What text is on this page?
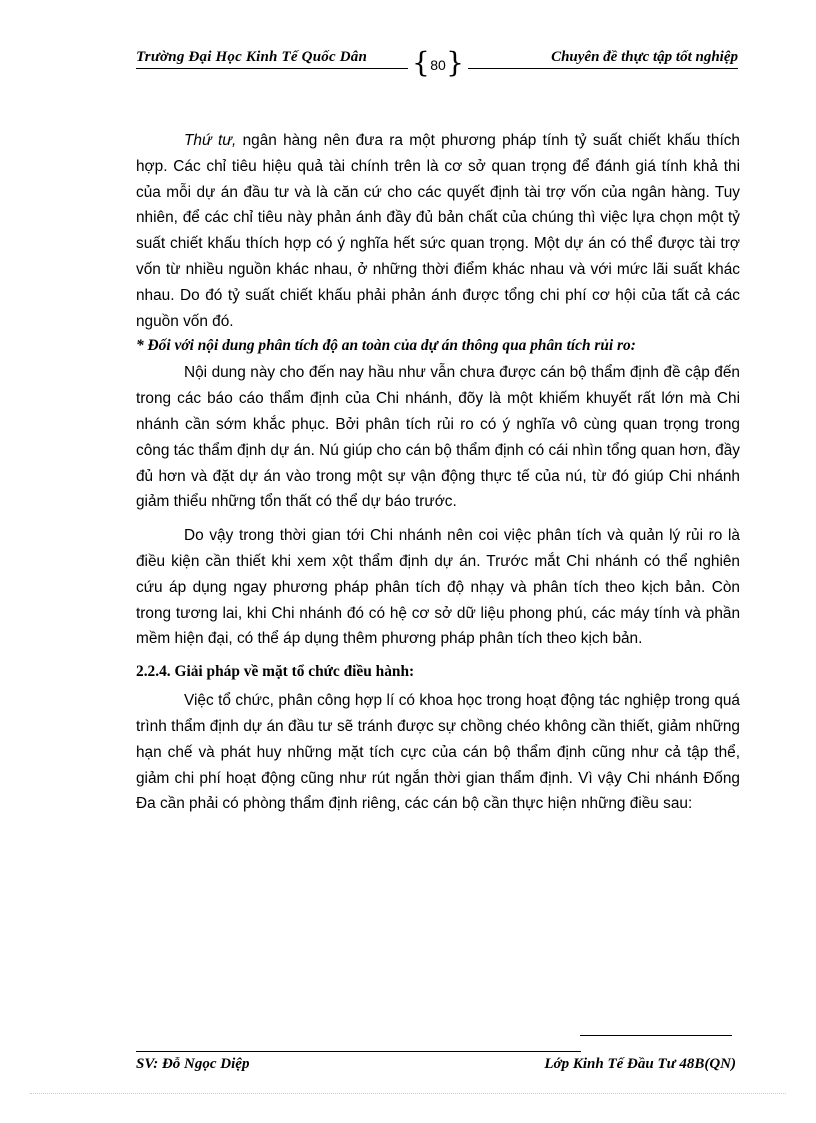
Trường Đại Học Kinh Tế Quốc Dân { 80 }	Chuyên đề thực tập tốt nghiệp

Thứ tư, ngân hàng nên đưa ra một phương pháp tính tỷ suất chiết khấu thích hợp. Các chỉ tiêu hiệu quả tài chính trên là cơ sở quan trọng để đánh giá tính khả thi của mỗi dự án đầu tư và là căn cứ cho các quyết định tài trợ vốn của ngân hàng. Tuy nhiên, để các chỉ tiêu này phản ánh đầy đủ bản chất của chúng thì việc lựa chọn một tỷ suất chiết khấu thích hợp có ý nghĩa hết sức quan trọng. Một dự án có thể được tài trợ vốn từ nhiều nguồn khác nhau, ở những thời điểm khác nhau và với mức lãi suất khác nhau. Do đó tỷ suất chiết khấu phải phản ánh được tổng chi phí cơ hội của tất cả các nguồn vốn đó.

* Đối với nội dung phân tích độ an toàn của dự án thông qua phân tích rủi ro:

Nội dung này cho đến nay hầu như vẫn chưa được cán bộ thẩm định đề cập đến trong các báo cáo thẩm định của Chi nhánh, đõy là một khiếm khuyết rất lớn mà Chi nhánh cần sớm khắc phục. Bởi phân tích rủi ro có ý nghĩa vô cùng quan trọng trong công tác thẩm định dự án. Nú giúp cho cán bộ thẩm định có cái nhìn tổng quan hơn, đầy đủ hơn và đặt dự án vào trong một sự vận động thực tế của nú, từ đó giúp Chi nhánh giảm thiểu những tổn thất có thể dự báo trước.

Do vậy trong thời gian tới Chi nhánh nên coi việc phân tích và quản lý rủi ro là điều kiện cần thiết khi xem xột thẩm định dự án. Trước mắt Chi nhánh có thể nghiên cứu áp dụng ngay phương pháp phân tích độ nhạy và phân tích theo kịch bản. Còn trong tương lai, khi Chi nhánh đó có hệ cơ sở dữ liệu phong phú, các máy tính và phần mềm hiện đại, có thể áp dụng thêm phương pháp phân tích theo kịch bản.

2.2.4. Giải pháp về mặt tổ chức điều hành:

Việc tổ chức, phân công hợp lí có khoa học trong hoạt động tác nghiệp trong quá trình thẩm định dự án đầu tư sẽ tránh được sự chồng chéo không cần thiết, giảm những hạn chế và phát huy những mặt tích cực của cán bộ thẩm định cũng như cả tập thể, giảm chi phí hoạt động cũng như rút ngắn thời gian thẩm định. Vì vậy Chi nhánh Đống Đa cần phải có phòng thẩm định riêng, các cán bộ cần thực hiện những điều sau:

SV: Đỗ Ngọc Diệp	Lớp Kinh Tế Đầu Tư 48B(QN)
